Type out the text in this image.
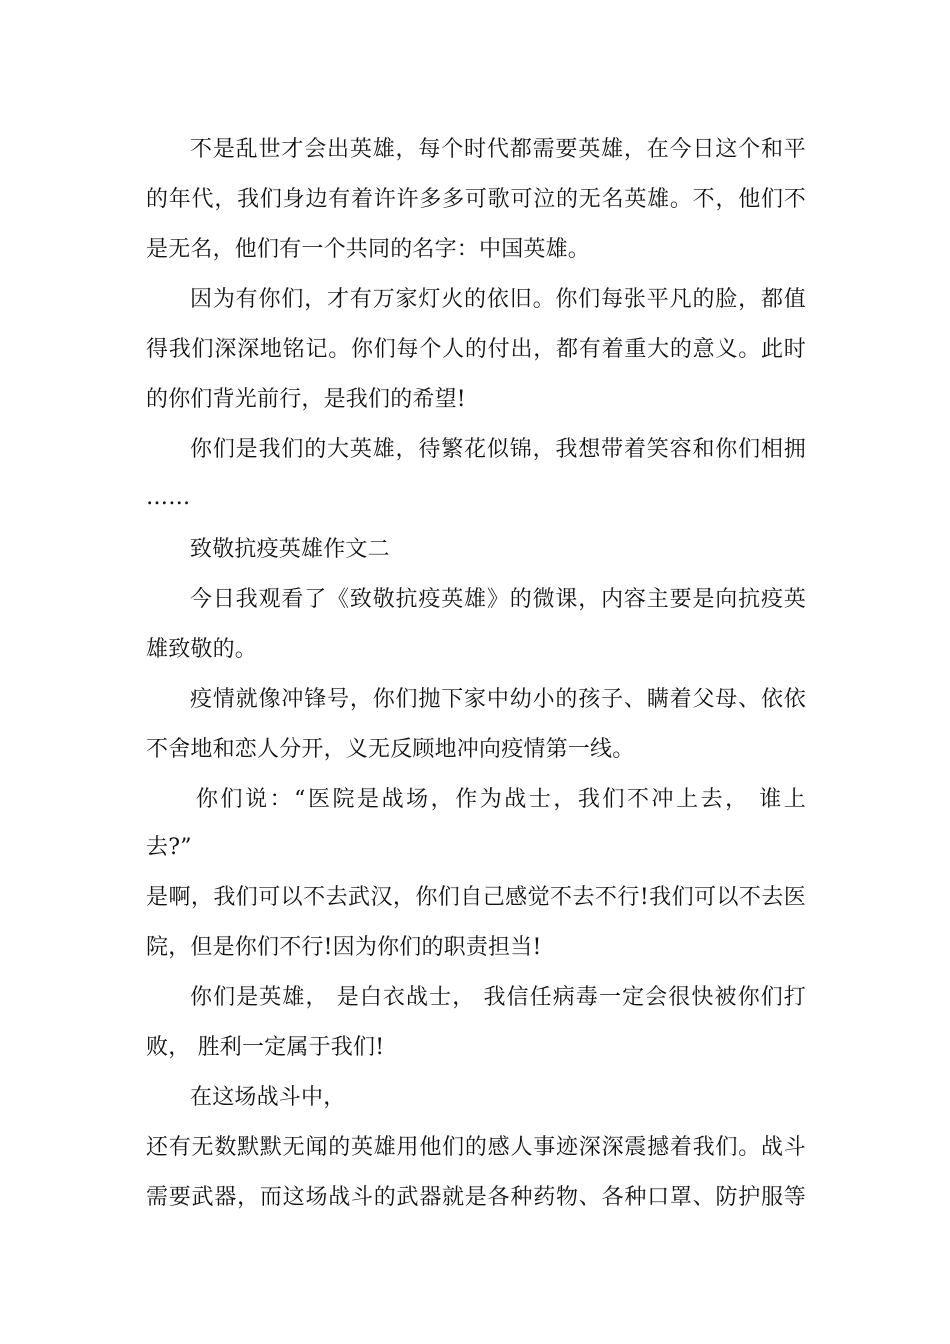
不是乱世才会出英雄，每个时代都需要英雄，在今日这个和平
的年代，我们身边有着许许多多可歌可泣的无名英雄。不，他们不
是无名，他们有一个共同的名字：中国英雄。
因为有你们，才有万家灯火的依旧。你们每张平凡的脸，都值
得我们深深地铭记。你们每个人的付出，都有着重大的意义。此时
的你们背光前行，是我们的希望!
你们是我们的大英雄，待繁花似锦，我想带着笑容和你们相拥
……
致敬抗疫英雄作文二
今日我观看了《致敬抗疫英雄》的微课，内容主要是向抗疫英
雄致敬的。
疫情就像冲锋号，你们抛下家中幼小的孩子、瞒着父母、依依
不舍地和恋人分开，义无反顾地冲向疫情第一线。
你们说：“医院是战场，作为战士，我们不冲上去， 谁上
去?”
是啊，我们可以不去武汉，你们自己感觉不去不行!我们可以不去医
院，但是你们不行!因为你们的职责担当!
你们是英雄， 是白衣战士， 我信任病毒一定会很快被你们打
败， 胜利一定属于我们!
在这场战斗中，
还有无数默默无闻的英雄用他们的感人事迹深深震撼着我们。战斗
需要武器，而这场战斗的武器就是各种药物、各种口罩、防护服等
